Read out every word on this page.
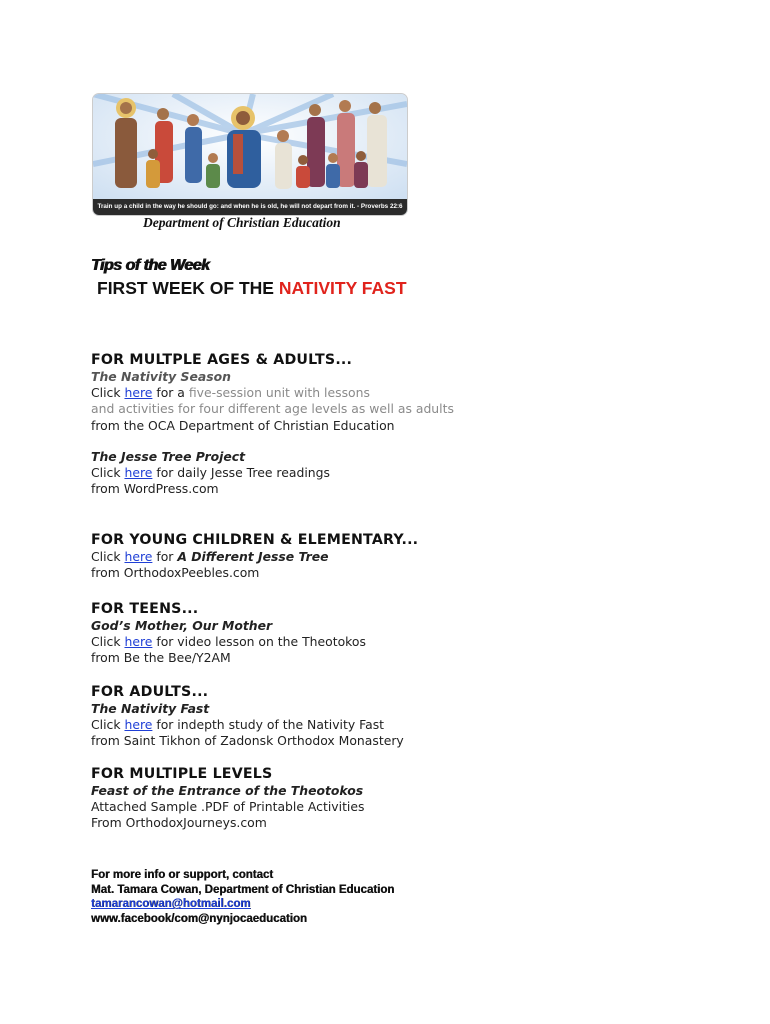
Train up a child in the way he should go: and when he is old, he will not depart from it. - Proverbs 22:6
Department of Christian Education
Tips of the Week
FIRST WEEK OF THE NATIVITY FAST
FOR MULTPLE AGES & ADULTS...
The Nativity Season
Click here for a five-session unit with lessons
and activities for four different age levels as well as adults
from the OCA Department of Christian Education
The Jesse Tree Project
Click here for daily Jesse Tree readings
from WordPress.com
FOR YOUNG CHILDREN & ELEMENTARY...
Click here for A Different Jesse Tree
from OrthodoxPeebles.com
FOR TEENS...
God’s Mother, Our Mother
Click here for video lesson on the Theotokos
from Be the Bee/Y2AM
FOR ADULTS...
The Nativity Fast
Click here for indepth study of the Nativity Fast
from Saint Tikhon of Zadonsk Orthodox Monastery
FOR MULTIPLE LEVELS
Feast of the Entrance of the Theotokos
Attached Sample .PDF of Printable Activities
From OrthodoxJourneys.com
For more info or support, contact
Mat. Tamara Cowan, Department of Christian Education
tamarancowan@hotmail.com
www.facebook/com@nynjocaeducation
